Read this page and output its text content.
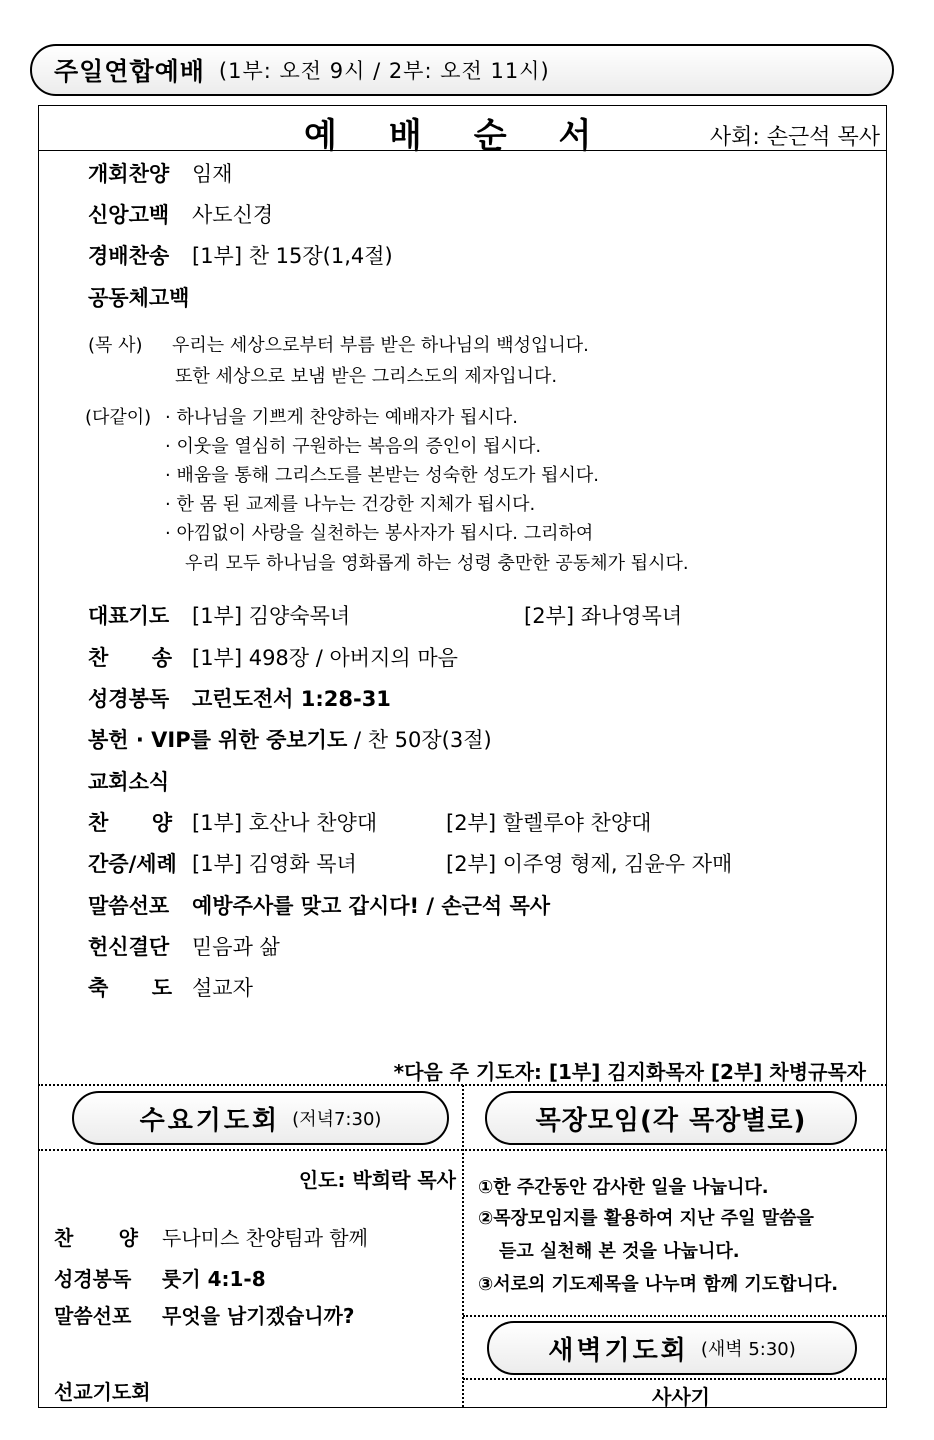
주일연합예배 (1부: 오전 9시 / 2부: 오전 11시)
예배순서	사회: 손근석 목사
개회찬양 임재
신앙고백 사도신경
경배찬송 [1부] 찬 15장(1,4절)
공동체고백
(목 사) 우리는 세상으로부터 부름 받은 하나님의 백성입니다.
또한 세상으로 보냄 받은 그리스도의 제자입니다.
(다같이) · 하나님을 기쁘게 찬양하는 예배자가 됩시다.
· 이웃을 열심히 구원하는 복음의 증인이 됩시다.
· 배움을 통해 그리스도를 본받는 성숙한 성도가 됩시다.
· 한 몸 된 교제를 나누는 건강한 지체가 됩시다.
· 아낌없이 사랑을 실천하는 봉사자가 됩시다. 그리하여
우리 모두 하나님을 영화롭게 하는 성령 충만한 공동체가 됩시다.
대표기도 [1부] 김양숙목녀	[2부] 좌나영목녀
찬 송 [1부] 498장 / 아버지의 마음
성경봉독 고린도전서 1:28-31
봉헌 · VIP를 위한 중보기도 / 찬 50장(3절)
교회소식
찬 양 [1부] 호산나 찬양대	[2부] 할렐루야 찬양대
간증/세례 [1부] 김영화 목녀	[2부] 이주영 형제, 김윤우 자매
말씀선포 예방주사를 맞고 갑시다! / 손근석 목사
헌신결단 믿음과 삶
축 도 설교자
*다음 주 기도자: [1부] 김지화목자 [2부] 차병규목자
수요기도회 (저녁7:30)	목장모임(각 목장별로)
인도: 박희락 목사
찬 양 두나미스 찬양팀과 함께
성경봉독 룻기 4:1-8
말씀선포 무엇을 남기겠습니까?
선교기도회
①한 주간동안 감사한 일을 나눕니다.
②목장모임지를 활용하여 지난 주일 말씀을
듣고 실천해 본 것을 나눕니다.
③서로의 기도제목을 나누며 함께 기도합니다.
새벽기도회 (새벽 5:30)
사사기
